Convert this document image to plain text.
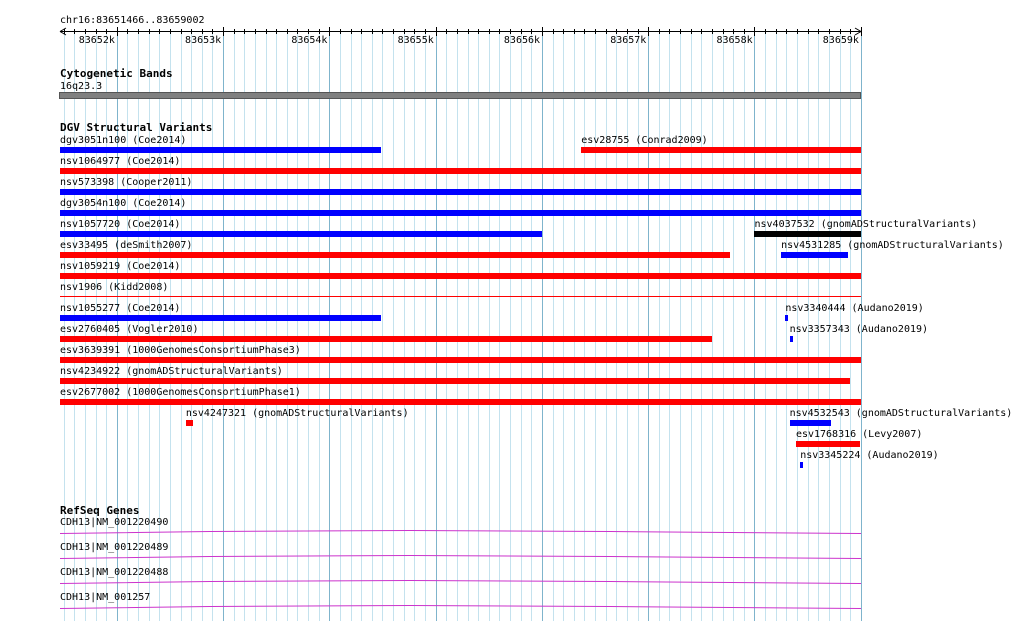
chr16:83651466..83659002
83652k	83653k	83654k	83655k	83656k	83657k	83658k	83659k
Cytogenetic Bands
16q23.3
DGV Structural Variants
dgv3051n100 (Coe2014)	esv28755 (Conrad2009)
nsv1064977 (Coe2014)
nsv573398 (Cooper2011)
dgv3054n100 (Coe2014)
nsv1057720 (Coe2014)	nsv4037532 (gnomADStructuralVariants)
esv33495 (deSmith2007)	nsv4531285 (gnomADStructuralVariants)
nsv1059219 (Coe2014)
nsv1906 (Kidd2008)
nsv1055277 (Coe2014)	nsv3340444 (Audano2019)
esv2760405 (Vogler2010)	nsv3357343 (Audano2019)
esv3639391 (1000GenomesConsortiumPhase3)
nsv4234922 (gnomADStructuralVariants)
esv2677002 (1000GenomesConsortiumPhase1)
nsv4247321 (gnomADStructuralVariants)	nsv4532543 (gnomADStructuralVariants)
esv1768316 (Levy2007)
nsv3345224 (Audano2019)
RefSeq Genes
CDH13|NM_001220490
CDH13|NM_001220489
CDH13|NM_001220488
CDH13|NM_001257
